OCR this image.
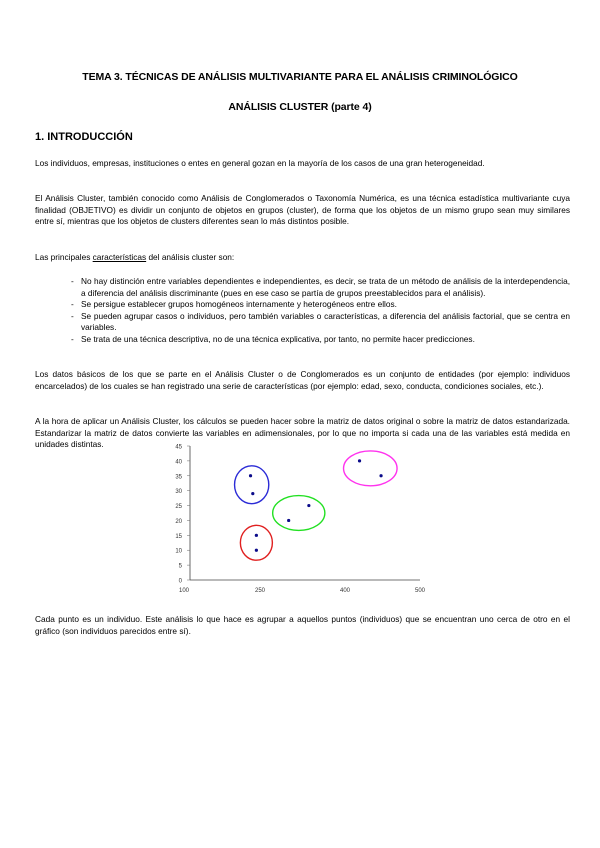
TEMA 3. TÉCNICAS DE ANÁLISIS MULTIVARIANTE PARA EL ANÁLISIS CRIMINOLÓGICO
ANÁLISIS CLUSTER (parte 4)
1. INTRODUCCIÓN
Los individuos, empresas, instituciones o entes en general gozan en la mayoría de los casos de una gran heterogeneidad.
El Análisis Cluster, también conocido como Análisis de Conglomerados o Taxonomía Numérica, es una técnica estadística multivariante cuya finalidad (OBJETIVO) es dividir un conjunto de objetos en grupos (cluster), de forma que los objetos de un mismo grupo sean muy similares entre sí, mientras que los objetos de clusters diferentes sean lo más distintos posible.
Las principales características del análisis cluster son:
- No hay distinción entre variables dependientes e independientes, es decir, se trata de un método de análisis de la interdependencia, a diferencia del análisis discriminante (pues en ese caso se partía de grupos preestablecidos para el análisis).
- Se persigue establecer grupos homogéneos internamente y heterogéneos entre ellos.
- Se pueden agrupar casos o individuos, pero también variables o características, a diferencia del análisis factorial, que se centra en variables.
- Se trata de una técnica descriptiva, no de una técnica explicativa, por tanto, no permite hacer predicciones.
Los datos básicos de los que se parte en el Análisis Cluster o de Conglomerados es un conjunto de entidades (por ejemplo: individuos encarcelados) de los cuales se han registrado una serie de características (por ejemplo: edad, sexo, conducta, condiciones sociales, etc.).
A la hora de aplicar un Análisis Cluster, los cálculos se pueden hacer sobre la matriz de datos original o sobre la matriz de datos estandarizada. Estandarizar la matriz de datos convierte las variables en adimensionales, por lo que no importa si cada una de las variables está medida en unidades distintas.	45
40
35
30
25
20
15
10
5
0
100	250	400	500
Cada punto es un individuo. Este análisis lo que hace es agrupar a aquellos puntos (individuos) que se encuentran uno cerca de otro en el gráfico (son individuos parecidos entre sí).
